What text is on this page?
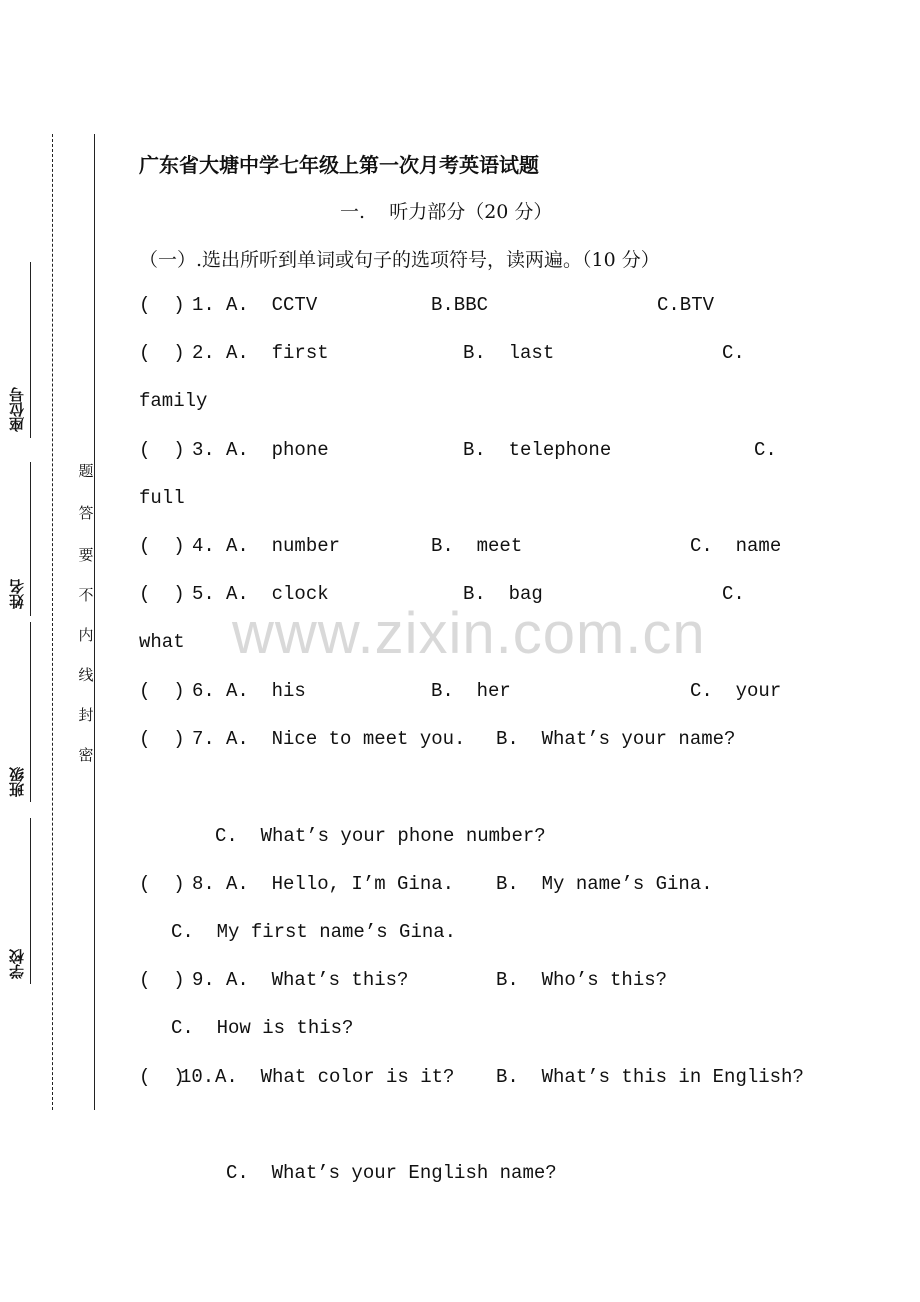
座位号
姓名
班级
学校
密
封
线
内
不
要
答
题
广东省大塘中学七年级上第一次月考英语试题
一.    听力部分（20 分）
（一）.选出所听到单词或句子的选项符号，读两遍。（10 分）
(  ) 1. A.  CCTV	B.BBC	C.BTV
(  ) 2. A.  first	B.  last	C.
family
(  ) 3. A.  phone	B.  telephone	C.
full
(  ) 4. A.  number	B.  meet	C.  name
(  ) 5. A.  clock	B.  bag	C.
what
(  ) 6. A.  his	B.  her	C.  your
(  ) 7. A.  Nice to meet you. B.  What’s your name?
C.  What’s your phone number?
(  ) 8. A.  Hello, I’m Gina. B.  My name’s Gina.
C.  My first name’s Gina.
(  ) 9. A.  What’s this?	B.  Who’s this?
C.  How is this?
(  )
10. A.  What color is it? B.  What’s this in English?
C.  What’s your English name?
www.zixin.com.cn
